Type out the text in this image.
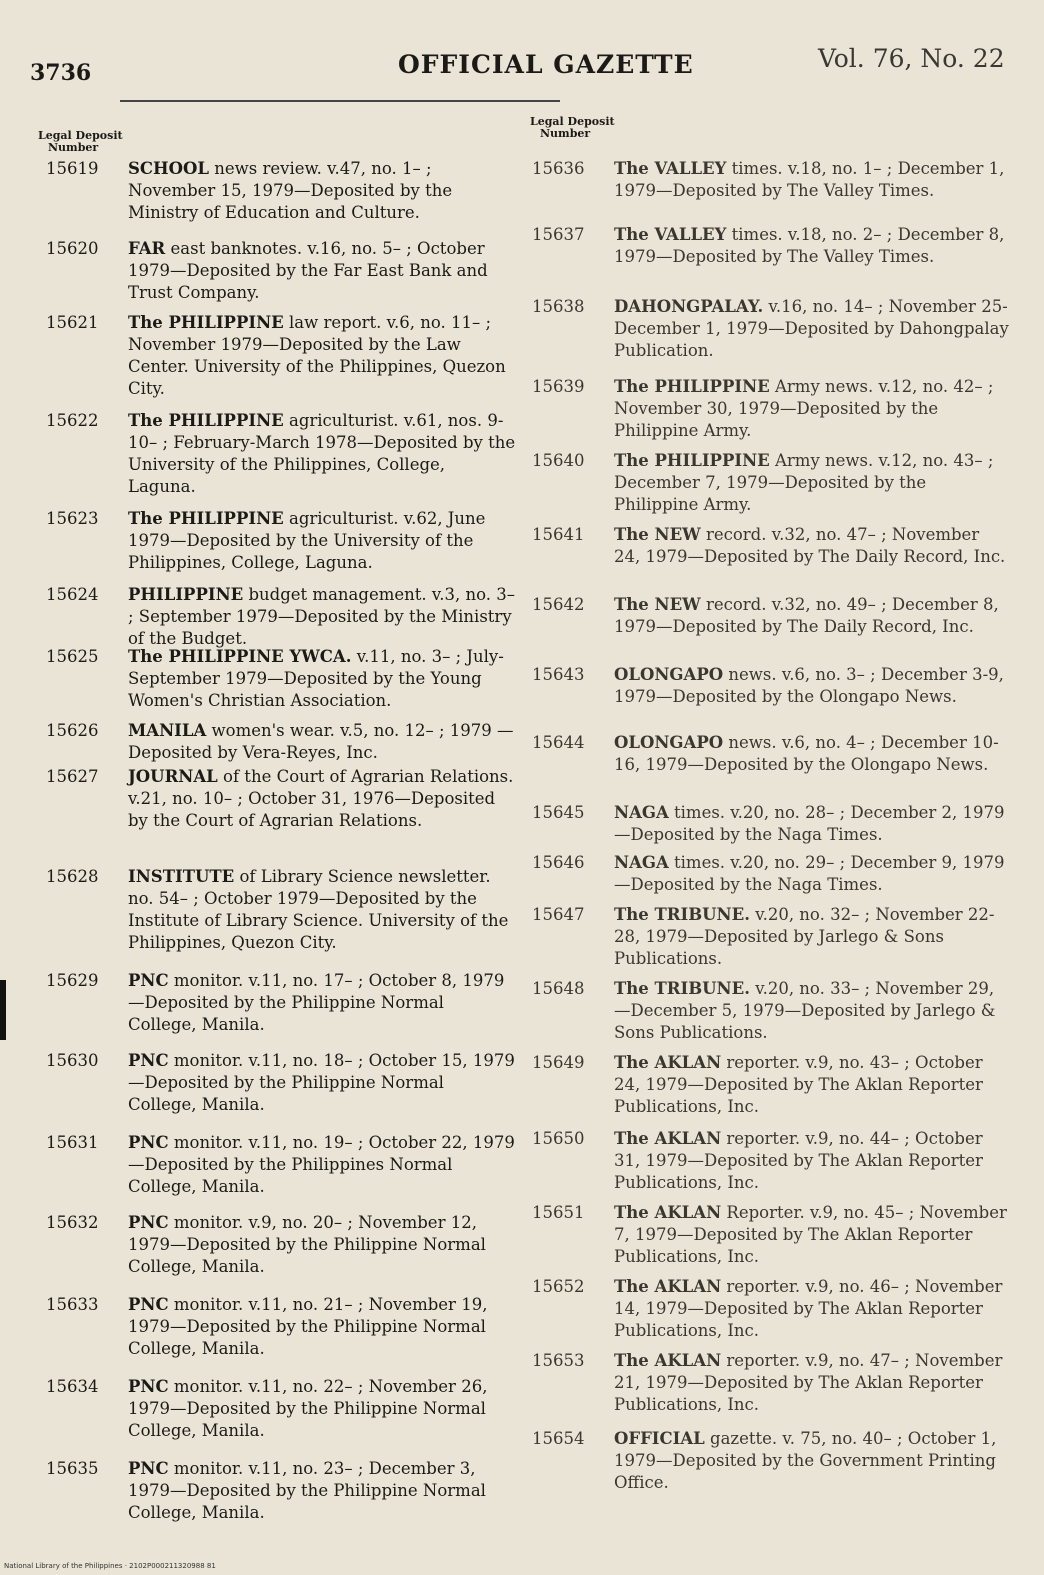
3736	OFFICIAL GAZETTE	Vol. 76, No. 22
Legal Deposit
Number
Legal Deposit
Number
15619 SCHOOL news review. v.47, no. 1– ; November 15, 1979—Deposited by the Ministry of Education and Culture.
15620 FAR east banknotes. v.16, no. 5– ; October 1979—Deposited by the Far East Bank and Trust Company.
15621 The PHILIPPINE law report. v.6, no. 11– ; November 1979—Deposited by the Law Center. University of the Philippines, Quezon City.
15622 The PHILIPPINE agriculturist. v.61, nos. 9-10– ; February-March 1978—Deposited by the University of the Philippines, College, Laguna.
15623 The PHILIPPINE agriculturist. v.62, June 1979—Deposited by the University of the Philippines, College, Laguna.
15624 PHILIPPINE budget management. v.3, no. 3– ; September 1979—Deposited by the Ministry of the Budget.
15625 The PHILIPPINE YWCA. v.11, no. 3– ; July-September 1979—Deposited by the Young Women's Christian Association.
15626 MANILA women's wear. v.5, no. 12– ; 1979 —Deposited by Vera-Reyes, Inc.
15627 JOURNAL of the Court of Agrarian Relations. v.21, no. 10– ; October 31, 1976—Deposited by the Court of Agrarian Relations.
15628 INSTITUTE of Library Science newsletter. no. 54– ; October 1979—Deposited by the Institute of Library Science. University of the Philippines, Quezon City.
15629 PNC monitor. v.11, no. 17– ; October 8, 1979—Deposited by the Philippine Normal College, Manila.
15630 PNC monitor. v.11, no. 18– ; October 15, 1979—Deposited by the Philippine Normal College, Manila.
15631 PNC monitor. v.11, no. 19– ; October 22, 1979—Deposited by the Philippines Normal College, Manila.
15632 PNC monitor. v.9, no. 20– ; November 12, 1979—Deposited by the Philippine Normal College, Manila.
15633 PNC monitor. v.11, no. 21– ; November 19, 1979—Deposited by the Philippine Normal College, Manila.
15634 PNC monitor. v.11, no. 22– ; November 26, 1979—Deposited by the Philippine Normal College, Manila.
15635 PNC monitor. v.11, no. 23– ; December 3, 1979—Deposited by the Philippine Normal College, Manila.
15636 The VALLEY times. v.18, no. 1– ; December 1, 1979—Deposited by The Valley Times.
15637 The VALLEY times. v.18, no. 2– ; December 8, 1979—Deposited by The Valley Times.
15638 DAHONGPALAY. v.16, no. 14– ; November 25-December 1, 1979—Deposited by Dahongpalay Publication.
15639 The PHILIPPINE Army news. v.12, no. 42– ; November 30, 1979—Deposited by the Philippine Army.
15640 The PHILIPPINE Army news. v.12, no. 43– ; December 7, 1979—Deposited by the Philippine Army.
15641 The NEW record. v.32, no. 47– ; November 24, 1979—Deposited by The Daily Record, Inc.
15642 The NEW record. v.32, no. 49– ; December 8, 1979—Deposited by The Daily Record, Inc.
15643 OLONGAPO news. v.6, no. 3– ; December 3-9, 1979—Deposited by the Olongapo News.
15644 OLONGAPO news. v.6, no. 4– ; December 10-16, 1979—Deposited by the Olongapo News.
15645 NAGA times. v.20, no. 28– ; December 2, 1979—Deposited by the Naga Times.
15646 NAGA times. v.20, no. 29– ; December 9, 1979—Deposited by the Naga Times.
15647 The TRIBUNE. v.20, no. 32– ; November 22-28, 1979—Deposited by Jarlego & Sons Publications.
15648 The TRIBUNE. v.20, no. 33– ; November 29,—December 5, 1979—Deposited by Jarlego & Sons Publications.
15649 The AKLAN reporter. v.9, no. 43– ; October 24, 1979—Deposited by The Aklan Reporter Publications, Inc.
15650 The AKLAN reporter. v.9, no. 44– ; October 31, 1979—Deposited by The Aklan Reporter Publications, Inc.
15651 The AKLAN Reporter. v.9, no. 45– ; November 7, 1979—Deposited by The Aklan Reporter Publications, Inc.
15652 The AKLAN reporter. v.9, no. 46– ; November 14, 1979—Deposited by The Aklan Reporter Publications, Inc.
15653 The AKLAN reporter. v.9, no. 47– ; November 21, 1979—Deposited by The Aklan Reporter Publications, Inc.
15654 OFFICIAL gazette. v. 75, no. 40– ; October 1, 1979—Deposited by the Government Printing Office.
National Library of the Philippines · 2102P000211320988 81
